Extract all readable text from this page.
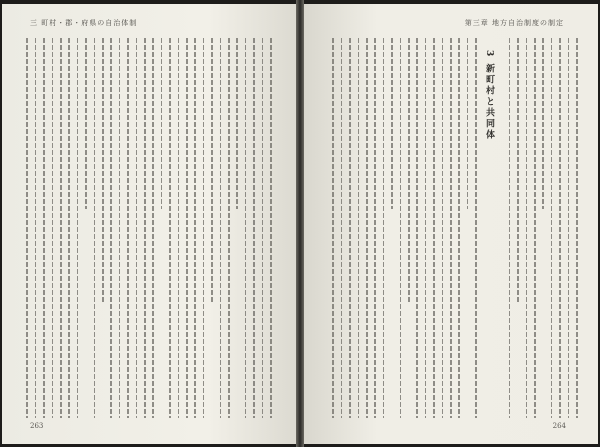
三 町村・郡・府県の自治体制
263
第三章 地方自治制度の制定
3 新町村と共同体
264
